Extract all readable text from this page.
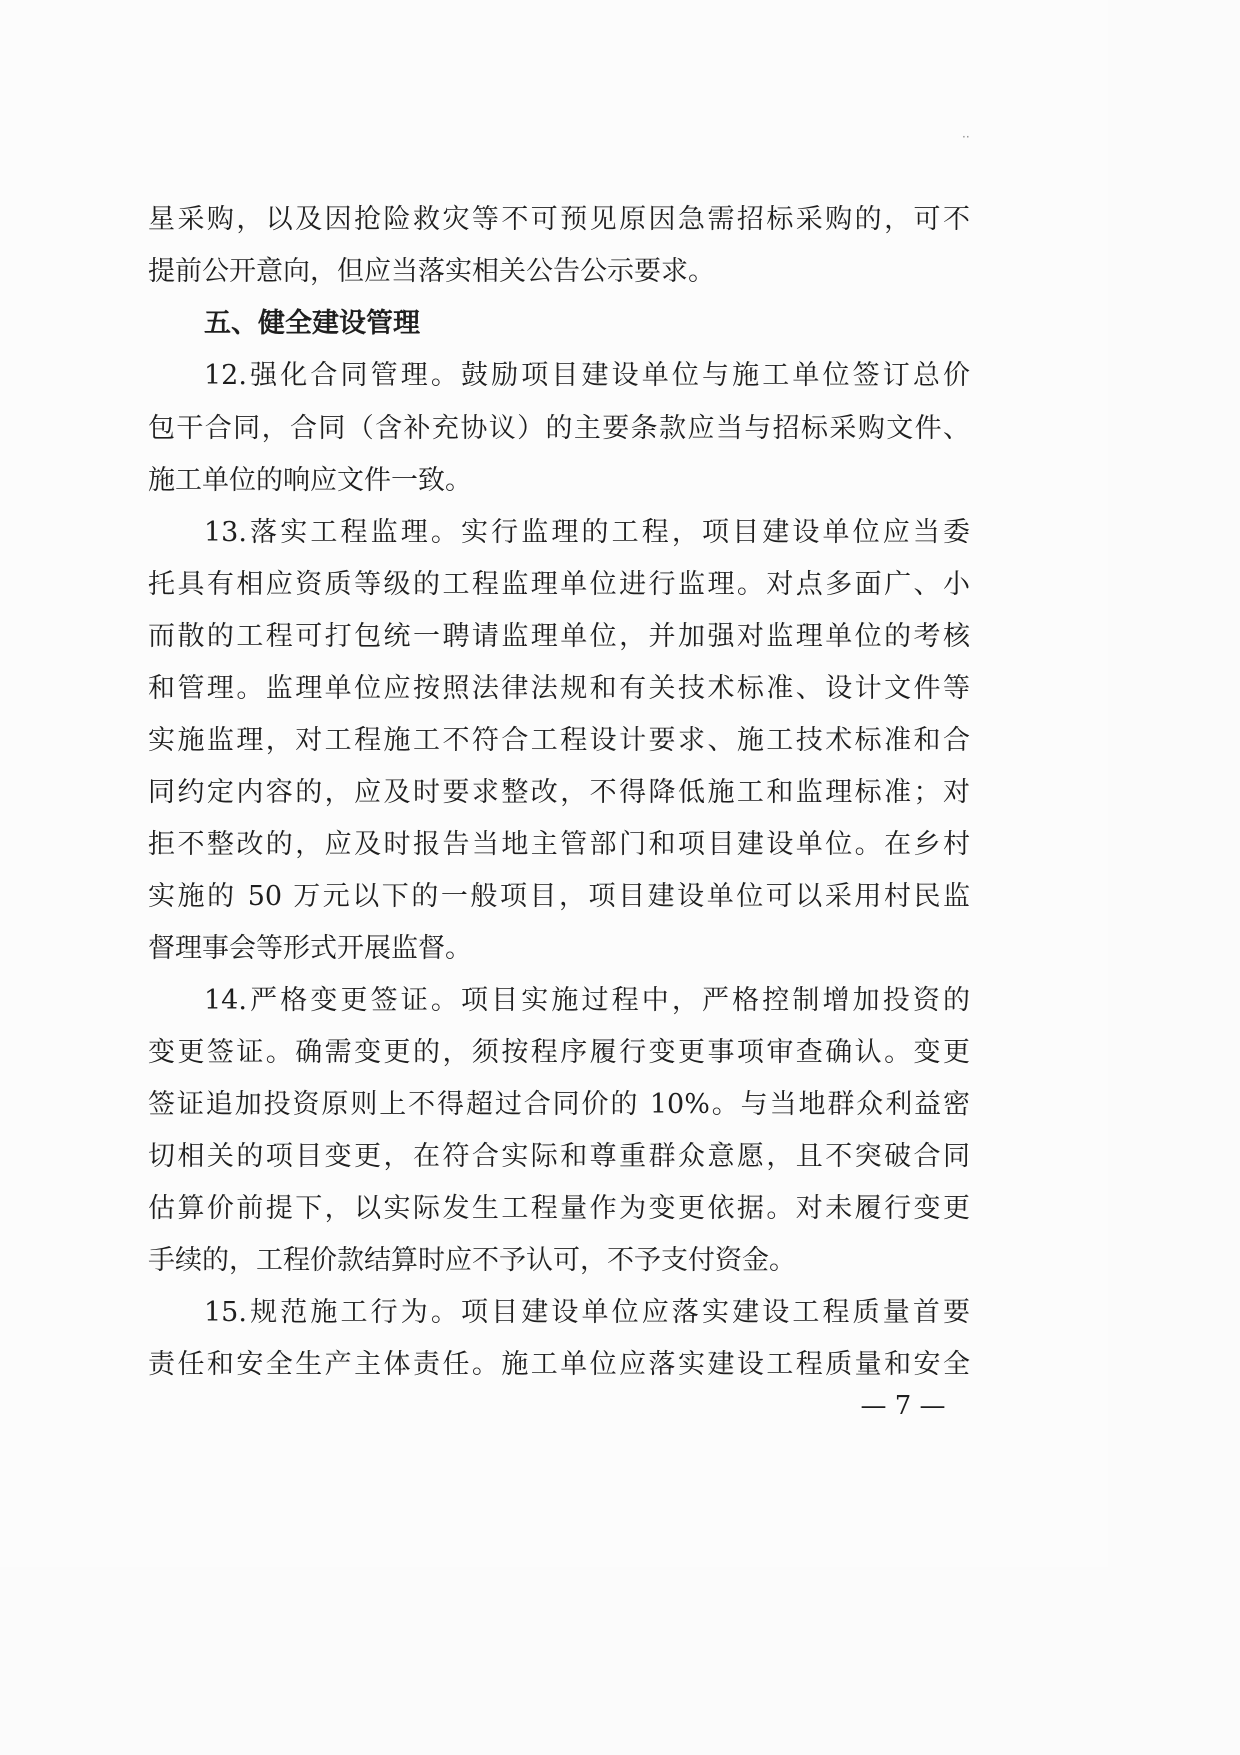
··
星采购，以及因抢险救灾等不可预见原因急需招标采购的，可不
提前公开意向，但应当落实相关公告公示要求。
五、健全建设管理
12.强化合同管理。鼓励项目建设单位与施工单位签订总价
包干合同，合同（含补充协议）的主要条款应当与招标采购文件、
施工单位的响应文件一致。
13.落实工程监理。实行监理的工程，项目建设单位应当委
托具有相应资质等级的工程监理单位进行监理。对点多面广、小
而散的工程可打包统一聘请监理单位，并加强对监理单位的考核
和管理。监理单位应按照法律法规和有关技术标准、设计文件等
实施监理，对工程施工不符合工程设计要求、施工技术标准和合
同约定内容的，应及时要求整改，不得降低施工和监理标准；对
拒不整改的，应及时报告当地主管部门和项目建设单位。在乡村
实施的 50 万元以下的一般项目，项目建设单位可以采用村民监
督理事会等形式开展监督。
14.严格变更签证。项目实施过程中，严格控制增加投资的
变更签证。确需变更的，须按程序履行变更事项审查确认。变更
签证追加投资原则上不得超过合同价的 10%。与当地群众利益密
切相关的项目变更，在符合实际和尊重群众意愿，且不突破合同
估算价前提下，以实际发生工程量作为变更依据。对未履行变更
手续的，工程价款结算时应不予认可，不予支付资金。
15.规范施工行为。项目建设单位应落实建设工程质量首要
责任和安全生产主体责任。施工单位应落实建设工程质量和安全
— 7 —
